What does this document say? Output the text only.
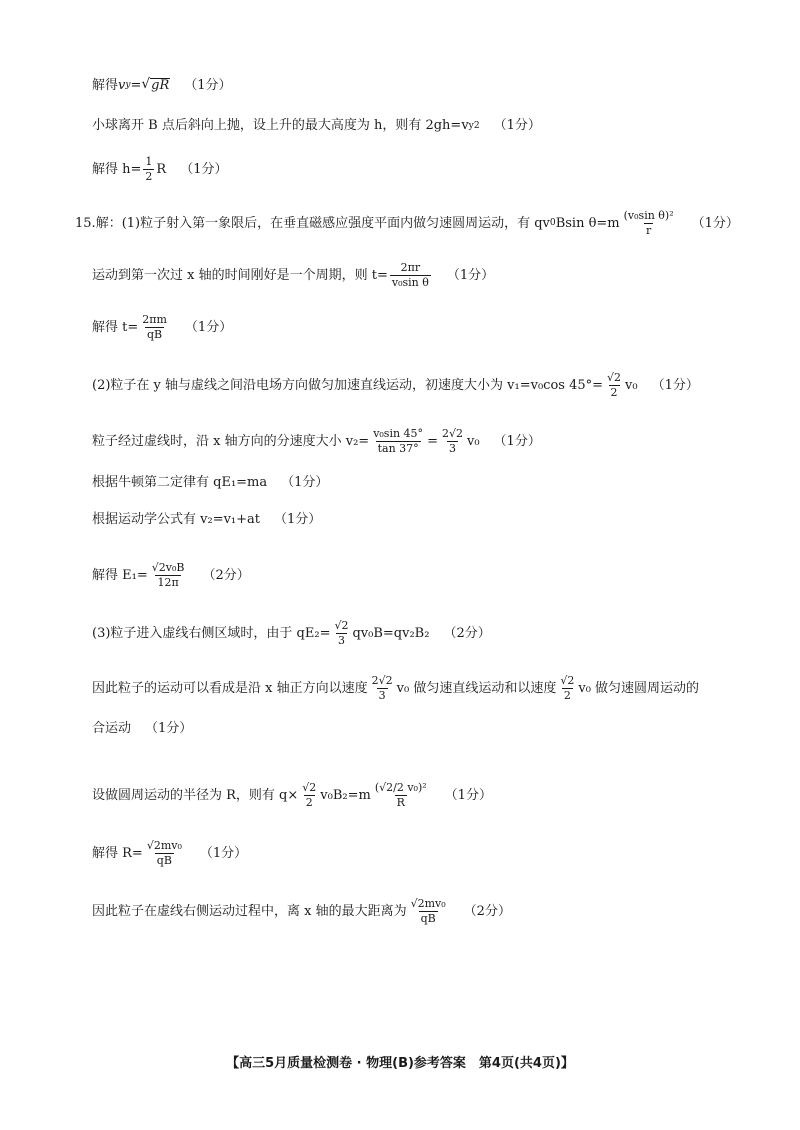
解得 v y = √ gR （1分）
小球离开 B 点后斜向上抛，设上升的最大高度为 h，则有 2gh=v y 2 （1分）
解得 $h= \frac{1}{2}$ R （1分）
15. 解：(1)粒子射入第一象限后，在垂直磁感应强度平面内做匀速圆周运动，有 qv 0 Bsin $\theta=m \frac{\text{(v₀sin θ)²}}{r} (1$分）
运动到第一次过 x 轴的时间刚好是一个周期，则 $t= \frac{2\pi r}{\text{v₀sin θ}} (1$分）
解得 $t= \frac{2\pi m}{qB} (1$分）
(2)粒子在 y 轴与虚线之间沿电场方向做匀加速直线运动，初速度大小为 v₁=v₀cos $45^\circ= \frac{√2}{2} v_0$ （1分）
粒子经过虚线时，沿 x 轴方向的分速度大小 $v_2= \frac{\text{v₀sin 45°}}{\tan 37^\circ} = \frac{2√2}{3} v_0$ （1分）
根据牛顿第二定律有 qE₁=ma （1分）
根据运动学公式有 v₂=v₁+at （1分）
解得 $E_1= \frac{\text{√2v₀B}}{12\pi} (2$分）
(3)粒子进入虚线右侧区域时，由于 $qE_2= \frac{√2}{3} qv_0B=qv_2B_2$ （2分）
因此粒子的运动可以看成是沿 x 轴正方向以速度 $\frac{2√2}{3} v_0$ 做匀速直线运动和以速度 $\frac{√2}{2} v_0$ 做匀速圆周运动的
合运动 （1分）
设做圆周运动的半径为 R，则有 $q\times \frac{√2}{2} v_0B_2=m \frac{\text{(√2/2 v₀)²}}{R} (1$分）
解得 $R= \frac{\text{√2mv₀}}{qB} (1$分）
因此粒子在虚线右侧运动过程中，离 x 轴的最大距离为 $\frac{\text{√2mv₀}}{qB} (2$分）
【高三5月质量检测卷 · 物理(B)参考答案　第4页(共4页)】
